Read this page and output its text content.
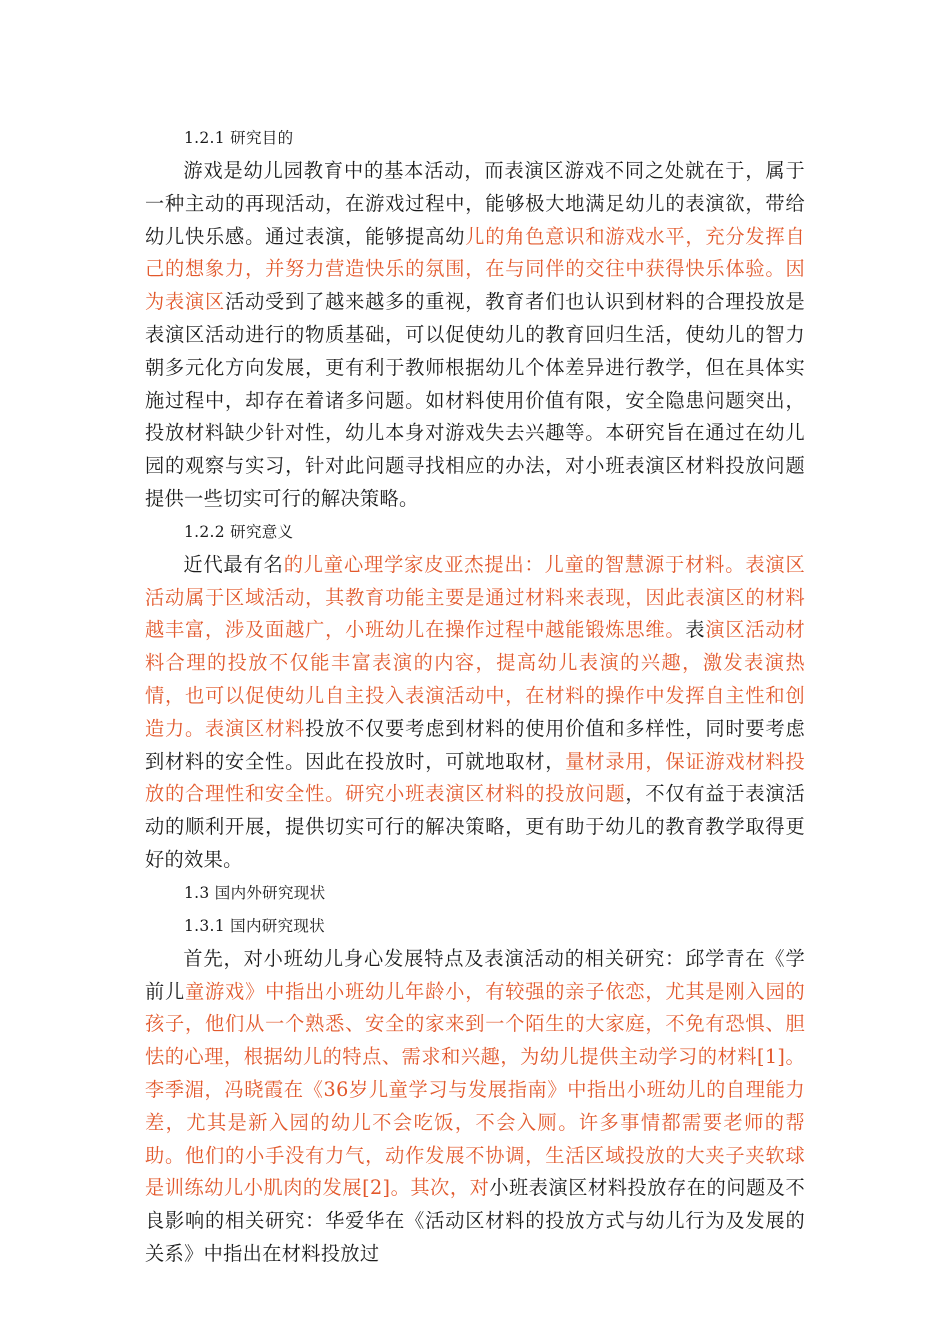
1.2.1 研究目的
游戏是幼儿园教育中的基本活动，而表演区游戏不同之处就在于，属于一种主动的再现活动，在游戏过程中，能够极大地满足幼儿的表演欲，带给幼儿快乐感。通过表演，能够提高幼儿的角色意识和游戏水平，充分发挥自己的想象力，并努力营造快乐的氛围，在与同伴的交往中获得快乐体验。因为表演区活动受到了越来越多的重视，教育者们也认识到材料的合理投放是表演区活动进行的物质基础，可以促使幼儿的教育回归生活，使幼儿的智力朝多元化方向发展，更有利于教师根据幼儿个体差异进行教学，但在具体实施过程中，却存在着诸多问题。如材料使用价值有限，安全隐患问题突出，投放材料缺少针对性，幼儿本身对游戏失去兴趣等。本研究旨在通过在幼儿园的观察与实习，针对此问题寻找相应的办法，对小班表演区材料投放问题提供一些切实可行的解决策略。
1.2.2 研究意义
近代最有名的儿童心理学家皮亚杰提出：儿童的智慧源于材料。表演区活动属于区域活动，其教育功能主要是通过材料来表现，因此表演区的材料越丰富，涉及面越广，小班幼儿在操作过程中越能锻炼思维。表演区活动材料合理的投放不仅能丰富表演的内容，提高幼儿表演的兴趣，激发表演热情，也可以促使幼儿自主投入表演活动中，在材料的操作中发挥自主性和创造力。表演区材料投放不仅要考虑到材料的使用价值和多样性，同时要考虑到材料的安全性。因此在投放时，可就地取材，量材录用，保证游戏材料投放的合理性和安全性。研究小班表演区材料的投放问题，不仅有益于表演活动的顺利开展，提供切实可行的解决策略，更有助于幼儿的教育教学取得更好的效果。
1.3 国内外研究现状
1.3.1 国内研究现状
首先，对小班幼儿身心发展特点及表演活动的相关研究：邱学青在《学前儿童游戏》中指出小班幼儿年龄小，有较强的亲子依恋，尤其是刚入园的孩子，他们从一个熟悉、安全的家来到一个陌生的大家庭，不免有恐惧、胆怯的心理，根据幼儿的特点、需求和兴趣，为幼儿提供主动学习的材料[1]。李季湄，冯晓霞在《36岁儿童学习与发展指南》中指出小班幼儿的自理能力差，尤其是新入园的幼儿不会吃饭，不会入厕。许多事情都需要老师的帮助。他们的小手没有力气，动作发展不协调，生活区域投放的大夹子夹软球是训练幼儿小肌肉的发展[2]。其次，对小班表演区材料投放存在的问题及不良影响的相关研究：华爱华在《活动区材料的投放方式与幼儿行为及发展的关系》中指出在材料投放过
